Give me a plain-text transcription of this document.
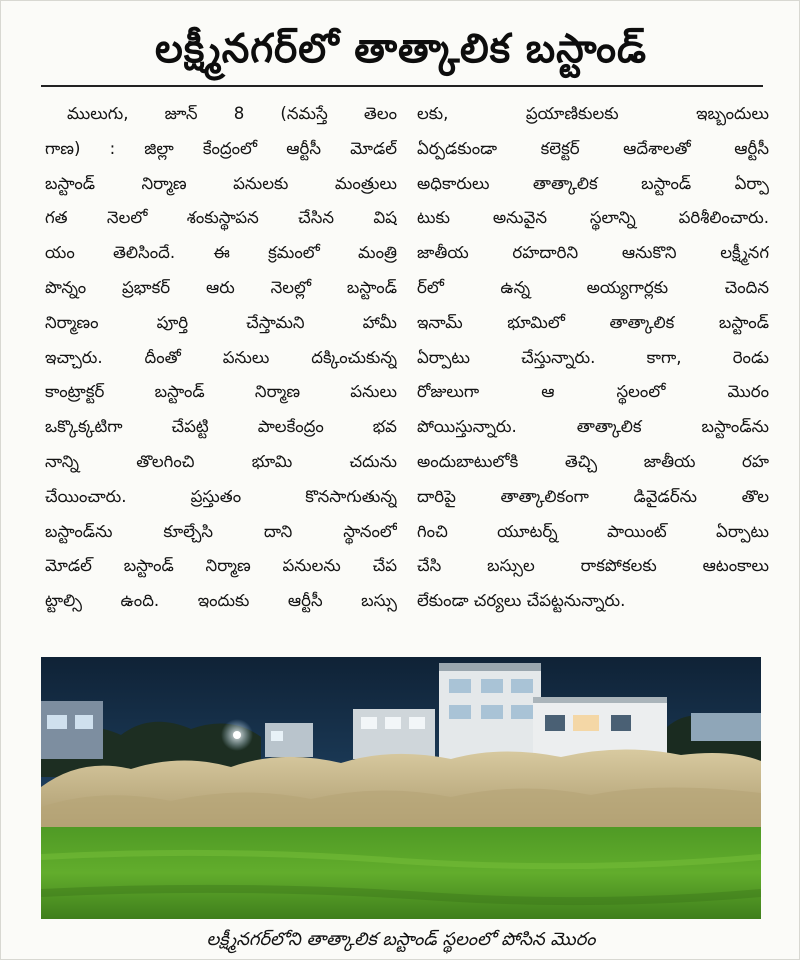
లక్ష్మీనగర్‌లో తాత్కాలిక బస్టాండ్
ములుగు, జూన్ 8 (నమస్తే తెలం
గాణ) : జిల్లా కేంద్రంలో ఆర్టీసీ మోడల్
బస్టాండ్ నిర్మాణ పనులకు మంత్రులు
గత నెలలో శంకుస్థాపన చేసిన విష
యం తెలిసిందే. ఈ క్రమంలో మంత్రి
పొన్నం ప్రభాకర్ ఆరు నెలల్లో బస్టాండ్
నిర్మాణం పూర్తి చేస్తామని హామీ
ఇచ్చారు. దీంతో పనులు దక్కించుకున్న
కాంట్రాక్టర్ బస్టాండ్ నిర్మాణ పనులు
ఒక్కొక్కటిగా చేపట్టి పాలకేంద్రం భవ
నాన్ని తొలగించి భూమి చదును
చేయించారు. ప్రస్తుతం కొనసాగుతున్న
బస్టాండ్‌ను కూల్చేసి దాని స్థానంలో
మోడల్ బస్టాండ్ నిర్మాణ పనులను చేప
ట్టాల్సి ఉంది. ఇందుకు ఆర్టీసీ బస్సు
లకు, ప్రయాణికులకు ఇబ్బందులు
ఏర్పడకుండా కలెక్టర్ ఆదేశాలతో ఆర్టీసీ
అధికారులు తాత్కాలిక బస్టాండ్ ఏర్పా
టుకు అనువైన స్థలాన్ని పరిశీలించారు.
జాతీయ రహదారిని ఆనుకొని లక్ష్మీనగ
ర్‌లో ఉన్న అయ్యగార్లకు చెందిన
ఇనామ్ భూమిలో తాత్కాలిక బస్టాండ్
ఏర్పాటు చేస్తున్నారు. కాగా, రెండు
రోజులుగా ఆ స్థలంలో మొరం
పోయిస్తున్నారు. తాత్కాలిక బస్టాండ్‌ను
అందుబాటులోకి తెచ్చి జాతీయ రహ
దారిపై తాత్కాలికంగా డివైడర్‌ను తొల
గించి యూటర్న్ పాయింట్ ఏర్పాటు
చేసి బస్సుల రాకపోకలకు ఆటంకాలు
లేకుండా చర్యలు చేపట్టనున్నారు.
లక్ష్మీనగర్‌లోని తాత్కాలిక బస్టాండ్ స్థలంలో పోసిన మొరం
